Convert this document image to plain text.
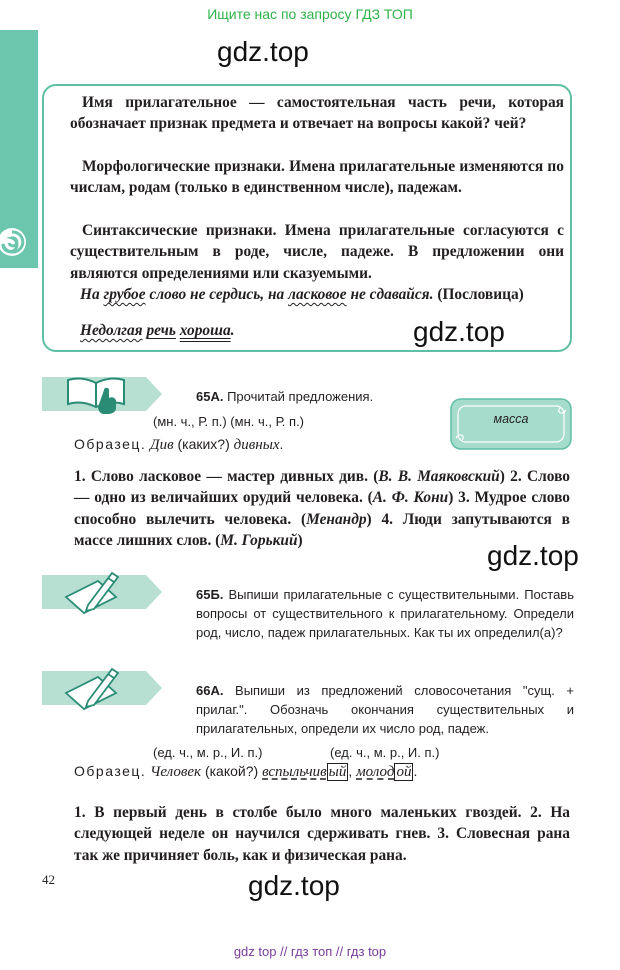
Ищите нас по запросу ГДЗ ТОП
Имя прилагательное — самостоятельная часть речи, которая обозначает признак предмета и отвечает на вопросы какой? чей?
Морфологические признаки. Имена прилагательные изменяются по числам, родам (только в единственном числе), падежам.
Синтаксические признаки. Имена прилагательные согласуются с существительным в роде, числе, падеже. В предложении они являются определениями или сказуемыми.
На грубое слово не сердись, на ласковое не сдавайся. (Пословица)
Недолгая речь хороша.
gdz.top
gdz.top
65А. Прочитай предложения.
(мн. ч., Р. п.) (мн. ч., Р. п.)
Образец. Див (каких?) дивных.
масса
1. Слово ласковое — мастер дивных див. (В. В. Маяковский) 2. Слово — одно из величайших орудий человека. (А. Ф. Кони) 3. Мудрое слово способно вылечить человека. (Менандр) 4. Люди запутываются в массе лишних слов. (М. Горький)	gdz.top
65Б. Выпиши прилагательные с существительными. Поставь вопросы от существительного к прилагательному. Определи род, число, падеж прилагательных. Как ты их определил(а)?
66А. Выпиши из предложений словосочетания "сущ. + прилаг.". Обозначь окончания существительных и прилагательных, определи их число род, падеж.
(ед. ч., м. р., И. п.)	(ед. ч., м. р., И. п.)
Образец. Человек (какой?) вспыльчив ый , молод ой .
1. В первый день в столбе было много маленьких гвоздей. 2. На следующей неделе он научился сдерживать гнев. 3. Словесная рана так же причиняет боль, как и физическая рана.
42	gdz.top
gdz top // гдз топ // гдз top
